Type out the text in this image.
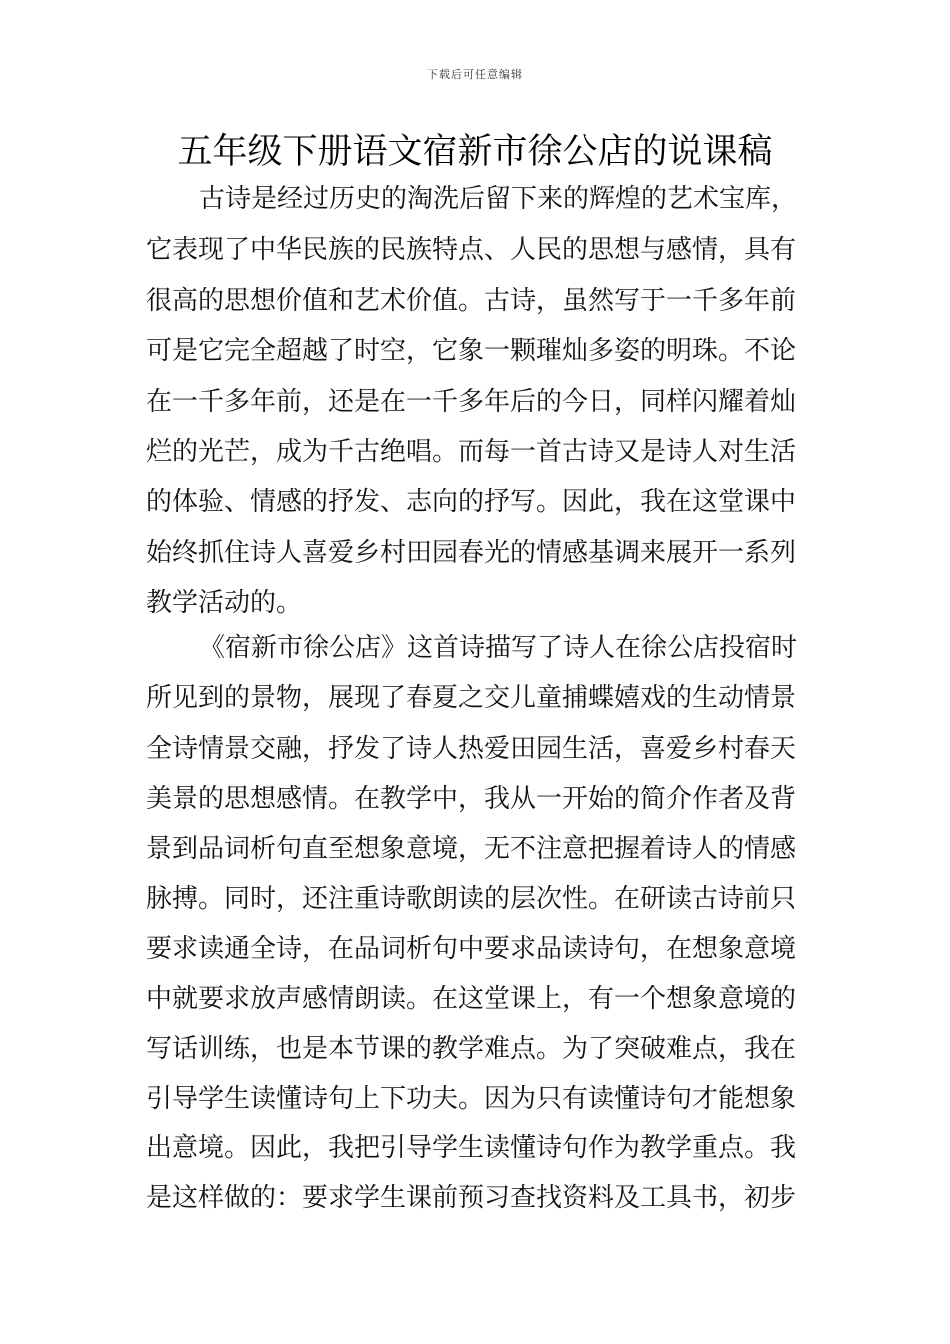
下载后可任意编辑
五年级下册语文宿新市徐公店的说课稿
古诗是经过历史的淘洗后留下来的辉煌的艺术宝库，
它表现了中华民族的民族特点、人民的思想与感情，具有
很高的思想价值和艺术价值。古诗，虽然写于一千多年前
可是它完全超越了时空，它象一颗璀灿多姿的明珠。不论
在一千多年前，还是在一千多年后的今日，同样闪耀着灿
烂的光芒，成为千古绝唱。而每一首古诗又是诗人对生活
的体验、情感的抒发、志向的抒写。因此，我在这堂课中
始终抓住诗人喜爱乡村田园春光的情感基调来展开一系列
教学活动的。
《宿新市徐公店》这首诗描写了诗人在徐公店投宿时
所见到的景物，展现了春夏之交儿童捕蝶嬉戏的生动情景
全诗情景交融，抒发了诗人热爱田园生活，喜爱乡村春天
美景的思想感情。在教学中，我从一开始的简介作者及背
景到品词析句直至想象意境，无不注意把握着诗人的情感
脉搏。同时，还注重诗歌朗读的层次性。在研读古诗前只
要求读通全诗，在品词析句中要求品读诗句，在想象意境
中就要求放声感情朗读。在这堂课上，有一个想象意境的
写话训练，也是本节课的教学难点。为了突破难点，我在
引导学生读懂诗句上下功夫。因为只有读懂诗句才能想象
出意境。因此，我把引导学生读懂诗句作为教学重点。我
是这样做的：要求学生课前预习查找资料及工具书，初步
